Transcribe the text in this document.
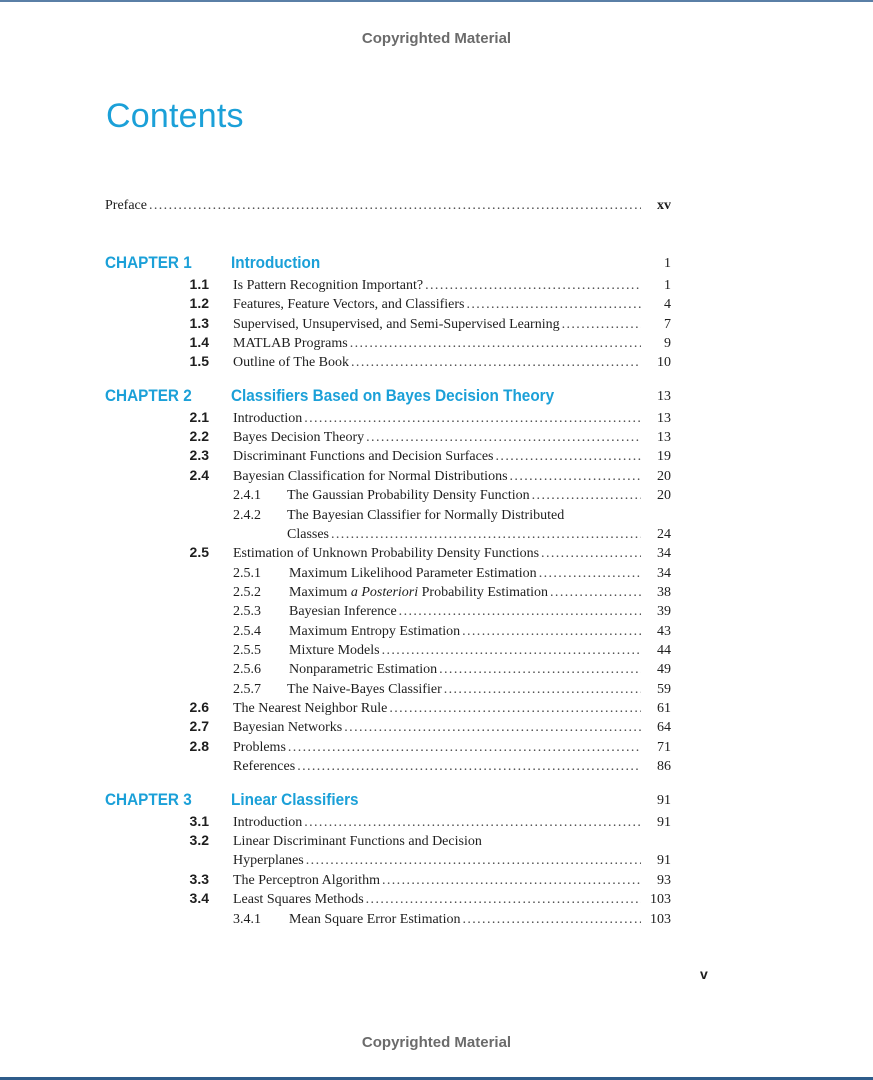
Copyrighted Material
Contents
Preface .....	xv
CHAPTER 1 Introduction	1
1.1 Is Pattern Recognition Important? .....	1
1.2 Features, Feature Vectors, and Classifiers .....	4
1.3 Supervised, Unsupervised, and Semi-Supervised Learning .....	7
1.4 MATLAB Programs .....	9
1.5 Outline of The Book .....	10
CHAPTER 2 Classifiers Based on Bayes Decision Theory	13
2.1 Introduction .....	13
2.2 Bayes Decision Theory .....	13
2.3 Discriminant Functions and Decision Surfaces .....	19
2.4 Bayesian Classification for Normal Distributions .....	20
2.4.1 The Gaussian Probability Density Function .....	20
2.4.2 The Bayesian Classifier for Normally Distributed
Classes .....	24
2.5 Estimation of Unknown Probability Density Functions .....	34
2.5.1 Maximum Likelihood Parameter Estimation .....	34
2.5.2 Maximum a Posteriori Probability Estimation .....	38
2.5.3 Bayesian Inference .....	39
2.5.4 Maximum Entropy Estimation .....	43
2.5.5 Mixture Models .....	44
2.5.6 Nonparametric Estimation .....	49
2.5.7 The Naive-Bayes Classifier .....	59
2.6 The Nearest Neighbor Rule .....	61
2.7 Bayesian Networks .....	64
2.8 Problems .....	71
References .....	86
CHAPTER 3 Linear Classifiers	91
3.1 Introduction .....	91
3.2 Linear Discriminant Functions and Decision
Hyperplanes .....	91
3.3 The Perceptron Algorithm .....	93
3.4 Least Squares Methods .....	103
3.4.1 Mean Square Error Estimation .....	103
v
Copyrighted Material
